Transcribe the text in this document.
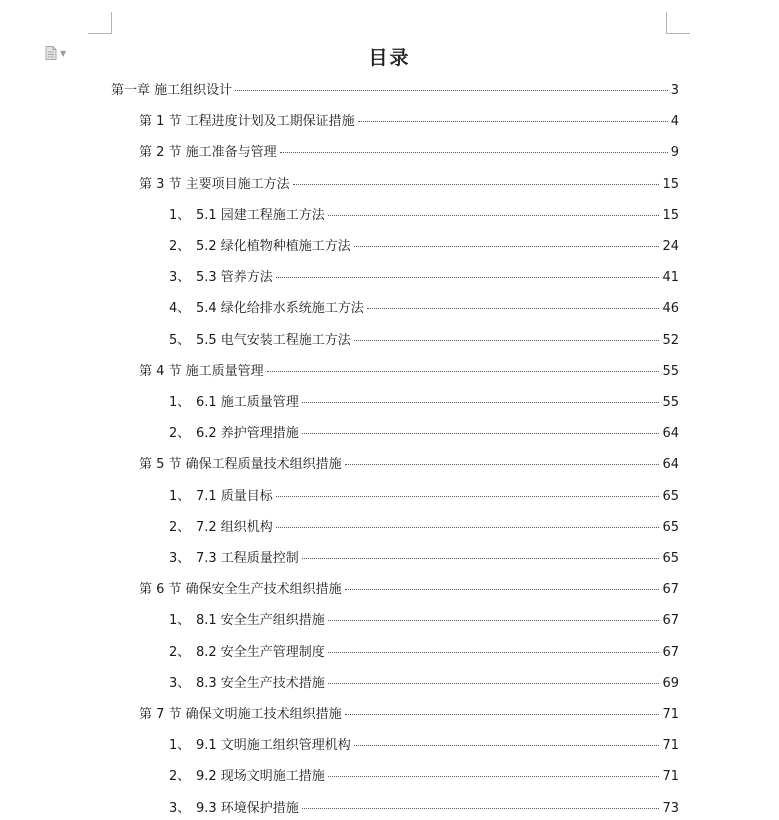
▼	目录
第一章 施工组织设计	3
第 1 节 工程进度计划及工期保证措施	4
第 2 节 施工准备与管理	9
第 3 节 主要项目施工方法	15
1、 5.1 园建工程施工方法	15
2、 5.2 绿化植物种植施工方法	24
3、 5.3 管养方法	41
4、 5.4 绿化给排水系统施工方法	46
5、 5.5 电气安装工程施工方法	52
第 4 节 施工质量管理	55
1、 6.1 施工质量管理	55
2、 6.2 养护管理措施	64
第 5 节 确保工程质量技术组织措施	64
1、 7.1 质量目标	65
2、 7.2 组织机构	65
3、 7.3 工程质量控制	65
第 6 节 确保安全生产技术组织措施	67
1、 8.1 安全生产组织措施	67
2、 8.2 安全生产管理制度	67
3、 8.3 安全生产技术措施	69
第 7 节 确保文明施工技术组织措施	71
1、 9.1 文明施工组织管理机构	71
2、 9.2 现场文明施工措施	71
3、 9.3 环境保护措施	73
